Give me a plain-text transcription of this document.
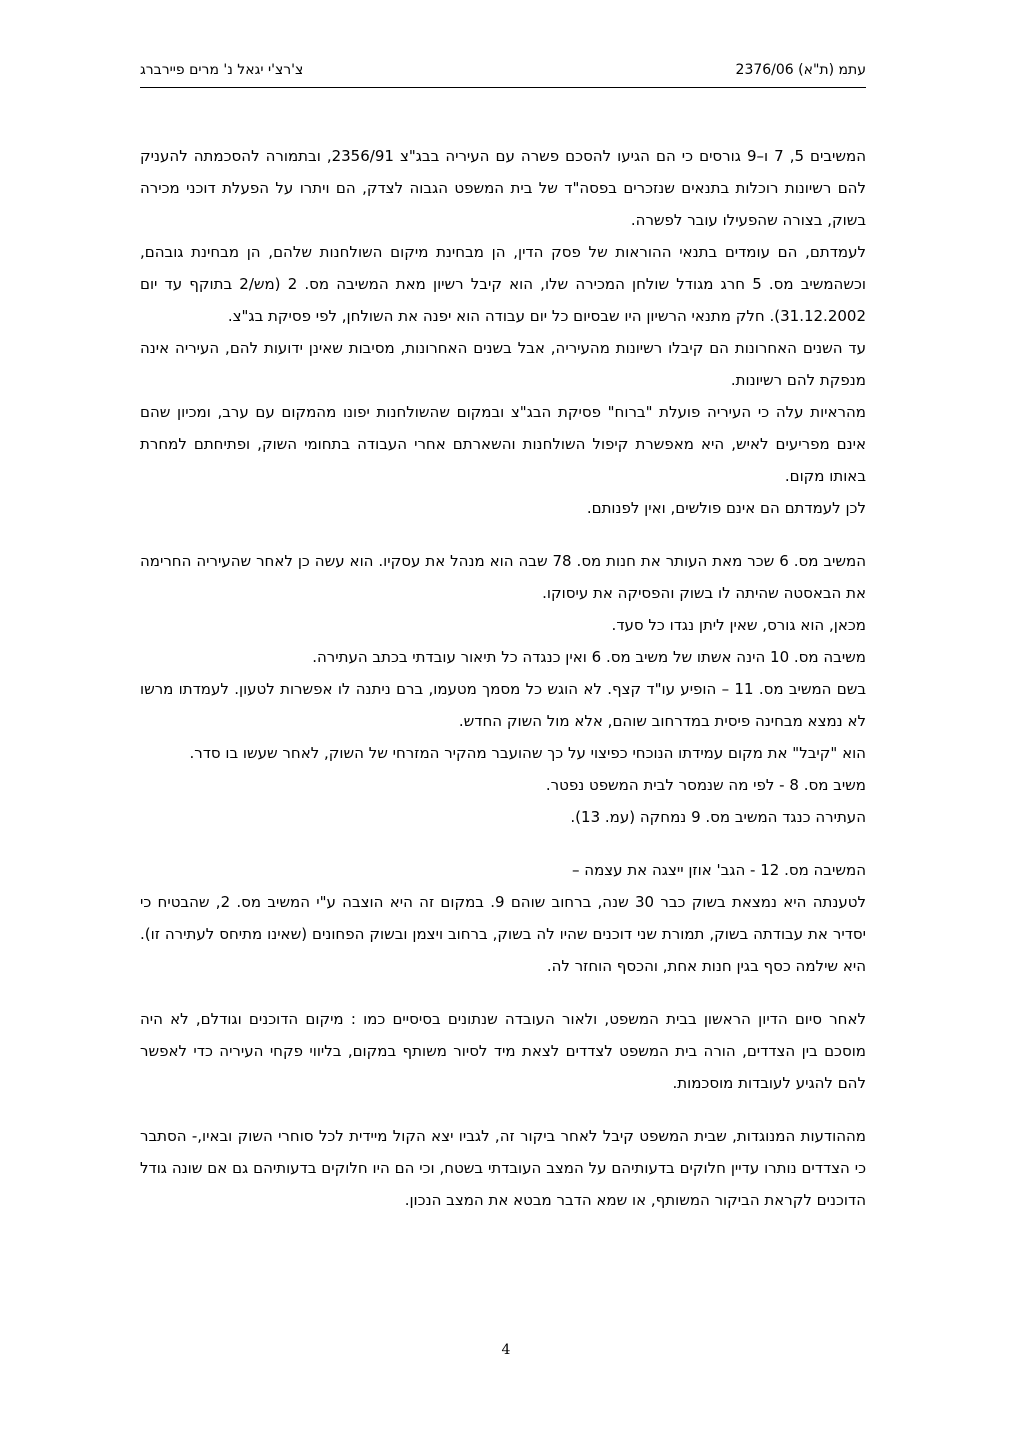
עתמ (ת"א) 2376/06
צ'רצ'י יגאל נ' מרים פיירברג

המשיבים 5, 7 ו–9 גורסים כי הם הגיעו להסכם פשרה עם העיריה בבג"צ 2356/91, ובתמורה להסכמתה להעניק להם רשיונות רוכלות בתנאים שנזכרים בפסה"ד של בית המשפט הגבוה לצדק, הם ויתרו על הפעלת דוכני מכירה בשוק, בצורה שהפעילו עובר לפשרה.

לעמדתם, הם עומדים בתנאי ההוראות של פסק הדין, הן מבחינת מיקום השולחנות שלהם, הן מבחינת גובהם, וכשהמשיב מס. 5 חרג מגודל שולחן המכירה שלו, הוא קיבל רשיון מאת המשיבה מס. 2 (מש/2 בתוקף עד יום 31.12.2002). חלק מתנאי הרשיון היו שבסיום כל יום עבודה הוא יפנה את השולחן, לפי פסיקת בג"צ.

עד השנים האחרונות הם קיבלו רשיונות מהעיריה, אבל בשנים האחרונות, מסיבות שאינן ידועות להם, העיריה אינה מנפקת להם רשיונות.

מהראיות עלה כי העיריה פועלת "ברוח" פסיקת הבג"צ ובמקום שהשולחנות יפונו מהמקום עם ערב, ומכיון שהם אינם מפריעים לאיש, היא מאפשרת קיפול השולחנות והשארתם אחרי העבודה בתחומי השוק, ופתיחתם למחרת באותו מקום.

לכן לעמדתם הם אינם פולשים, ואין לפנותם.

המשיב מס. 6 שכר מאת העותר את חנות מס. 78 שבה הוא מנהל את עסקיו. הוא עשה כן לאחר שהעיריה החרימה את הבאסטה שהיתה לו בשוק והפסיקה את עיסוקו.

מכאן, הוא גורס, שאין ליתן נגדו כל סעד.

משיבה מס. 10 הינה אשתו של משיב מס. 6 ואין כנגדה כל תיאור עובדתי בכתב העתירה.

בשם המשיב מס. 11 – הופיע עו"ד קצף. לא הוגש כל מסמך מטעמו, ברם ניתנה לו אפשרות לטעון. לעמדתו מרשו לא נמצא מבחינה פיסית במדרחוב שוהם, אלא מול השוק החדש.

הוא "קיבל" את מקום עמידתו הנוכחי כפיצוי על כך שהועבר מהקיר המזרחי של השוק, לאחר שעשו בו סדר.

משיב מס. 8 - לפי מה שנמסר לבית המשפט נפטר.

העתירה כנגד המשיב מס. 9 נמחקה (עמ. 13).

המשיבה מס. 12 - הגב' אוזן ייצגה את עצמה –

לטענתה היא נמצאת בשוק כבר 30 שנה, ברחוב שוהם 9. במקום זה היא הוצבה ע"י המשיב מס. 2, שהבטיח כי יסדיר את עבודתה בשוק, תמורת שני דוכנים שהיו לה בשוק, ברחוב ויצמן ובשוק הפחונים (שאינו מתיחס לעתירה זו). היא שילמה כסף בגין חנות אחת, והכסף הוחזר לה.

לאחר סיום הדיון הראשון בבית המשפט, ולאור העובדה שנתונים בסיסיים כמו : מיקום הדוכנים וגודלם, לא היה מוסכם בין הצדדים, הורה בית המשפט לצדדים לצאת מיד לסיור משותף במקום, בליווי פקחי העיריה כדי לאפשר להם להגיע לעובדות מוסכמות.

מההודעות המנוגדות, שבית המשפט קיבל לאחר ביקור זה, לגביו יצא הקול מיידית לכל סוחרי השוק ובאיו,- הסתבר כי הצדדים נותרו עדיין חלוקים בדעותיהם על המצב העובדתי בשטח, וכי הם היו חלוקים בדעותיהם גם אם שונה גודל הדוכנים לקראת הביקור המשותף, או שמא הדבר מבטא את המצב הנכון.

4
